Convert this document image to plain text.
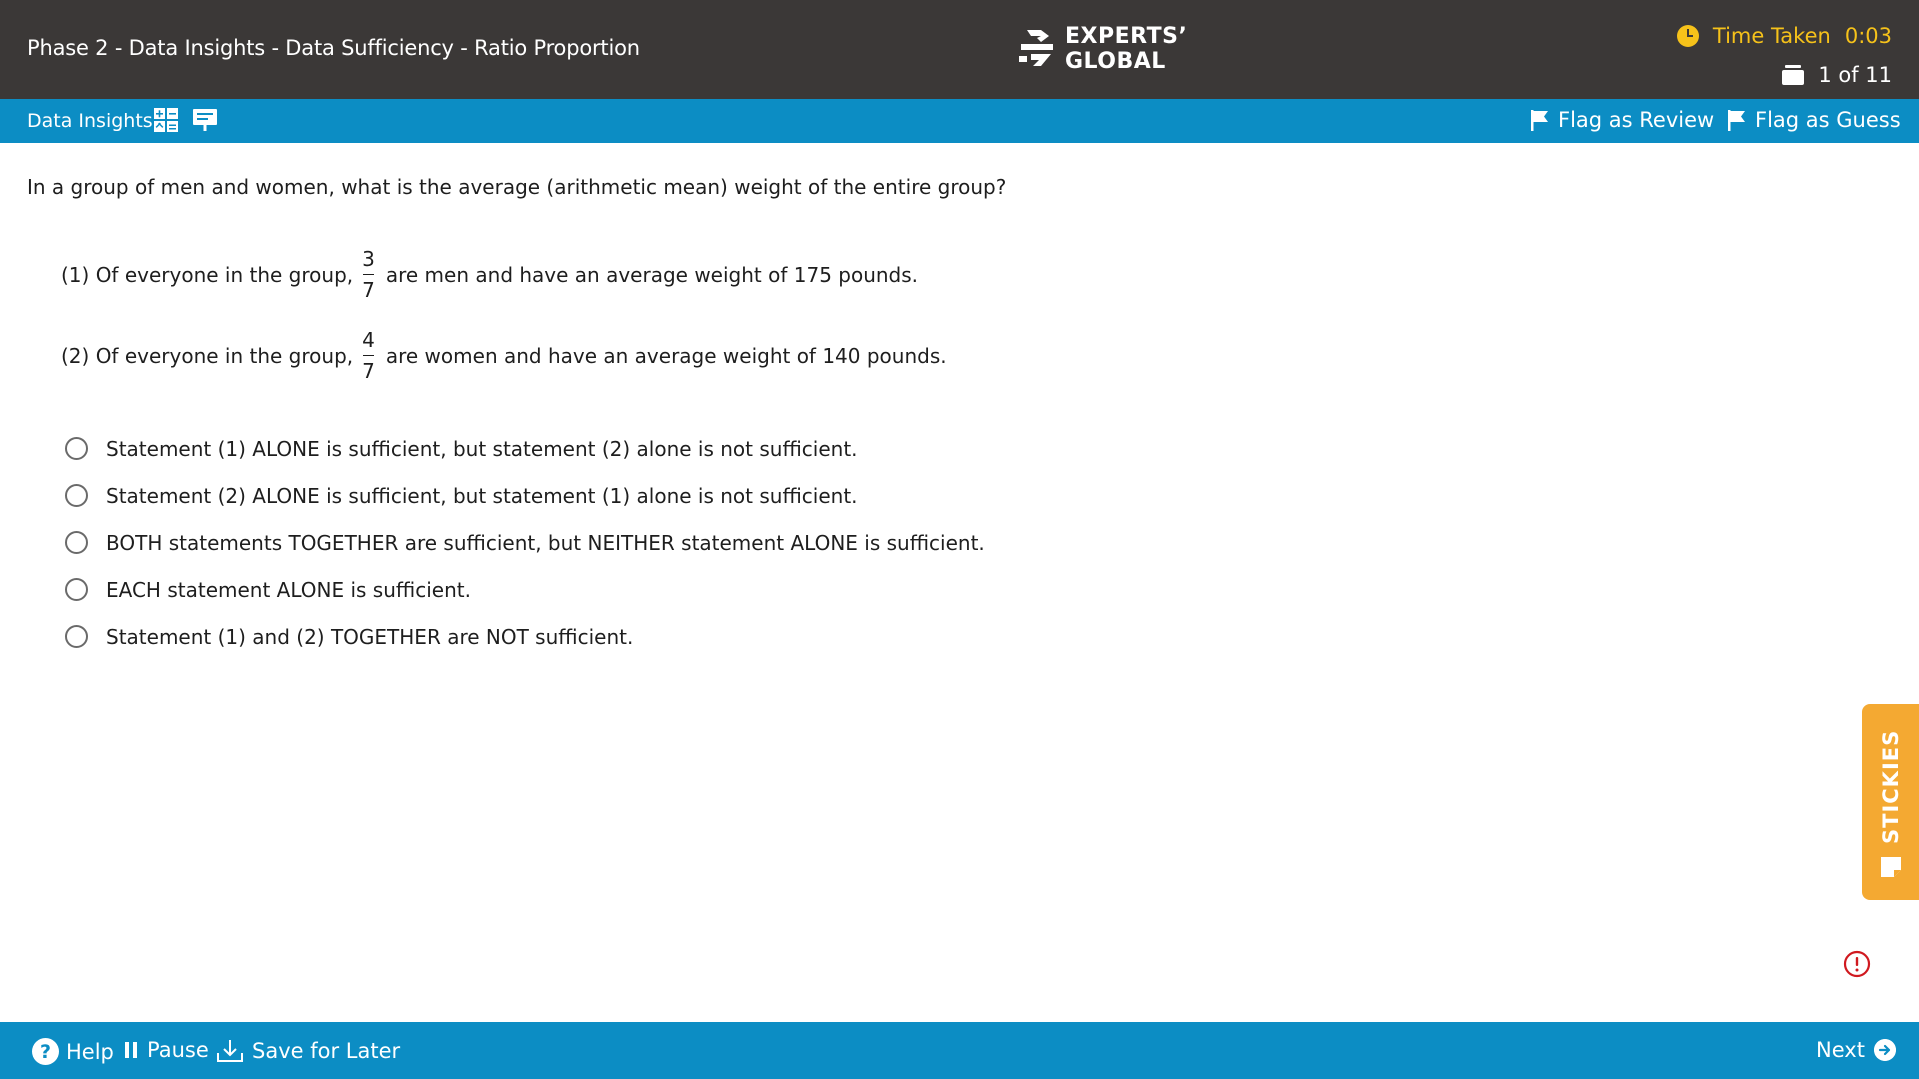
Phase 2 - Data Insights - Data Sufficiency - Ratio Proportion	EXPERTS’
GLOBAL
Time Taken 0:03
1 of 11
Data Insights	Flag as Review Flag as Guess
In a group of men and women, what is the average (arithmetic mean) weight of the entire group?
(1) Of everyone in the group, $\frac{3}{7}$ are men and have an average weight of 175 pounds.
(2) Of everyone in the group, $\frac{4}{7}$ are women and have an average weight of 140 pounds.
Statement (1) ALONE is sufficient, but statement (2) alone is not sufficient.
Statement (2) ALONE is sufficient, but statement (1) alone is not sufficient.
BOTH statements TOGETHER are sufficient, but NEITHER statement ALONE is sufficient.
EACH statement ALONE is sufficient.
Statement (1) and (2) TOGETHER are NOT sufficient.
STICKIES
? Help Pause Save for Later	Next
